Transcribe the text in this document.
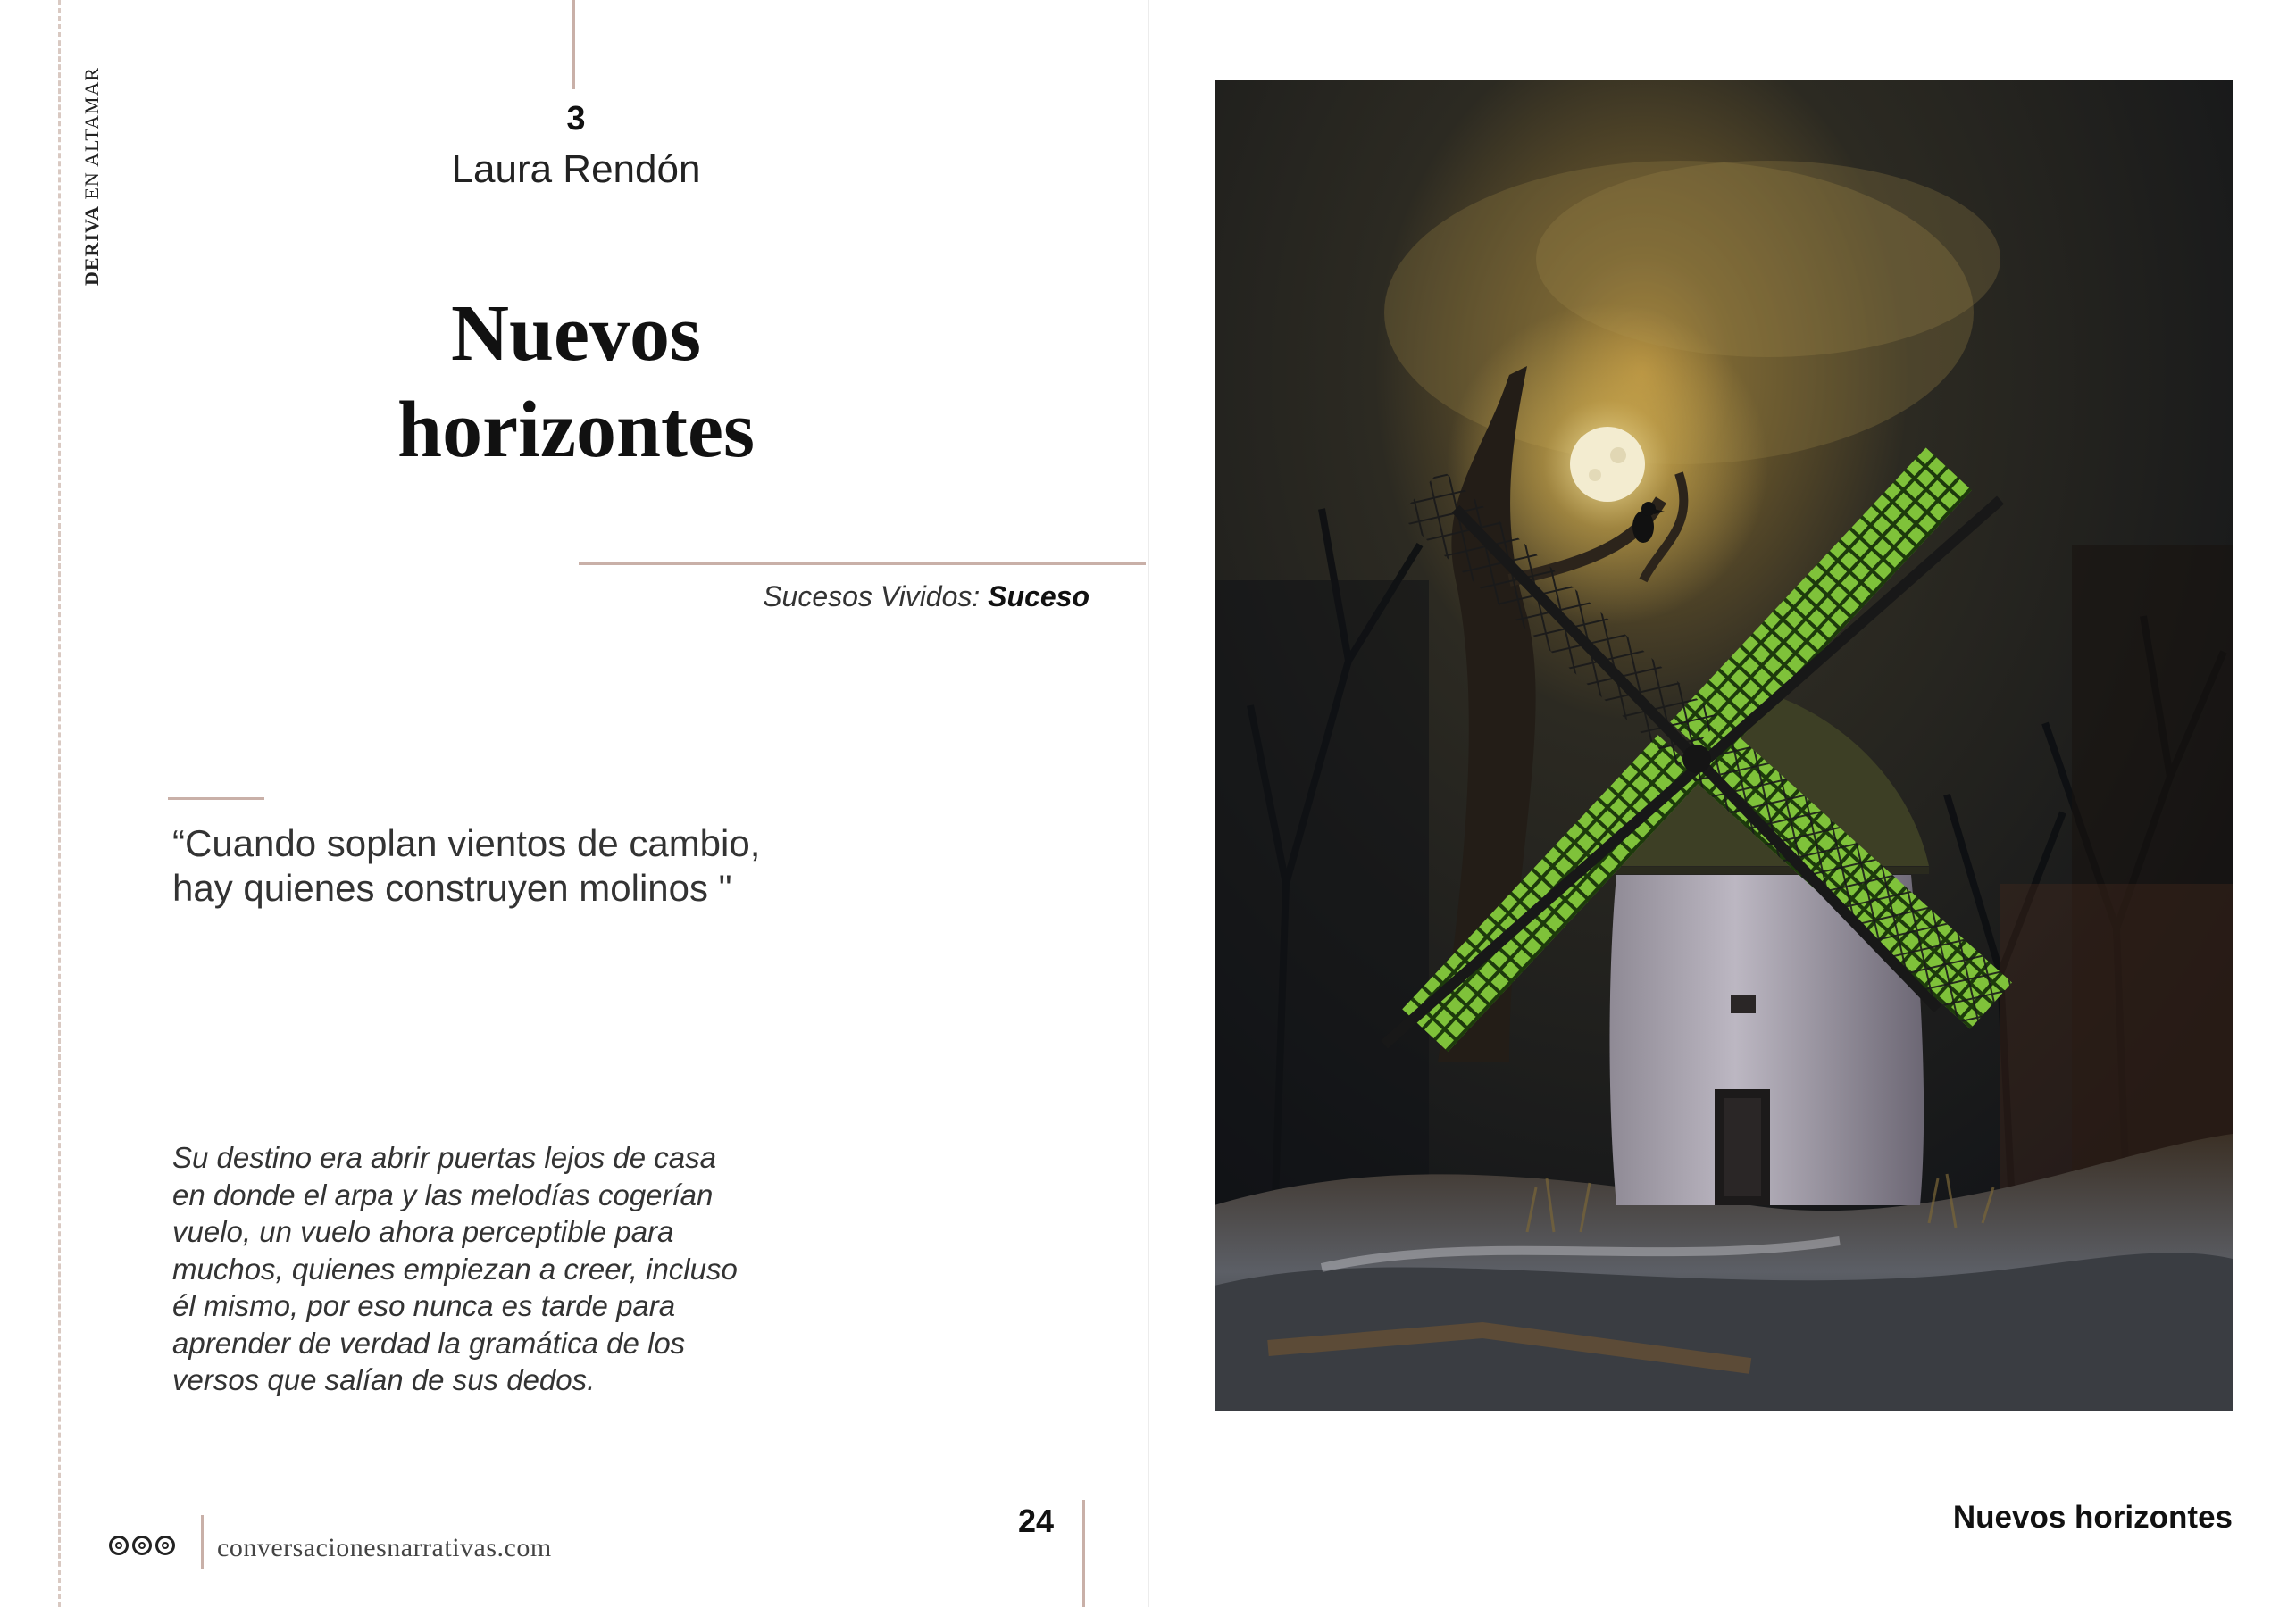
DERIVA EN ALTAMAR	3
Laura Rendón
Nuevos
horizontes
Sucesos Vividos: Suceso
“Cuando soplan vientos de cambio, hay quienes construyen molinos "
Su destino era abrir puertas lejos de casa
en donde el arpa y las melodías cogerían
vuelo, un vuelo ahora perceptible para
muchos, quienes empiezan a creer, incluso
él mismo, por eso nunca es tarde para
aprender de verdad la gramática de los
versos que salían de sus dedos.
conversacionesnarrativas.com
24	Nuevos horizontes
